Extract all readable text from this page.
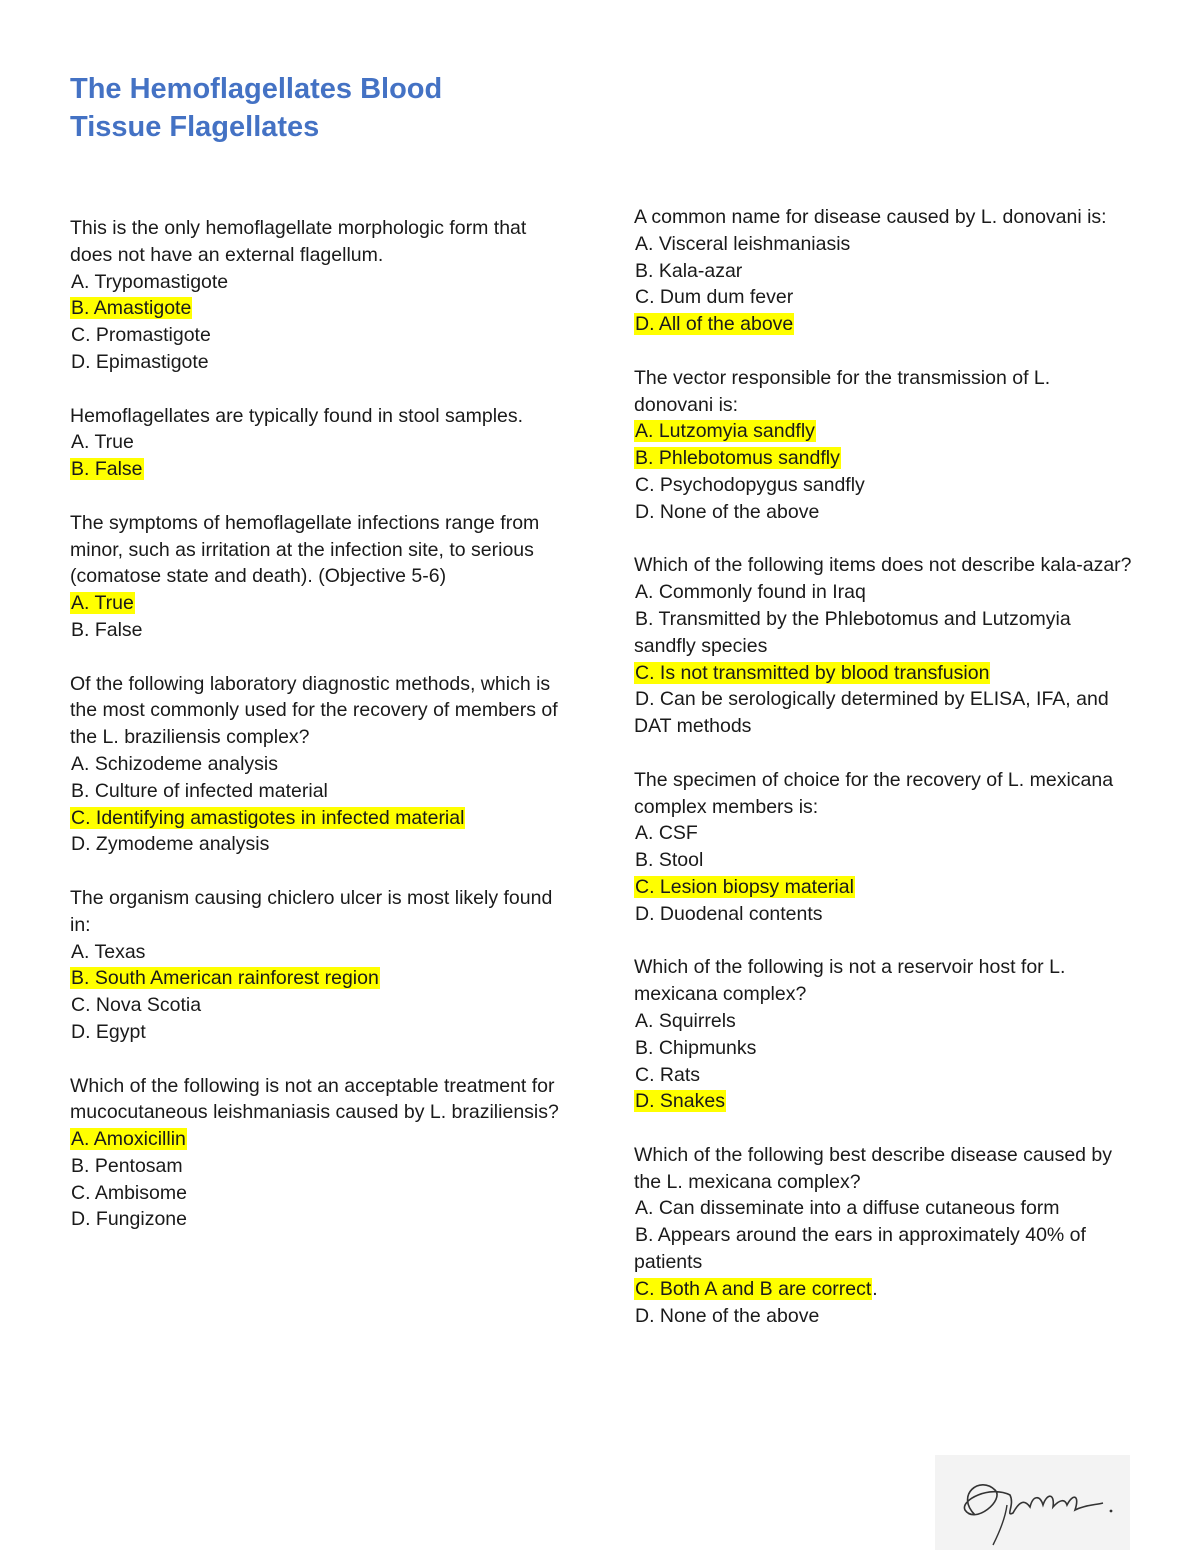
The Hemoflagellates Blood
Tissue Flagellates

This is the only hemoflagellate morphologic form that does not have an external flagellum.

A. Trypomastigote

B. Amastigote

C. Promastigote

D. Epimastigote

Hemoflagellates are typically found in stool samples.

A. True

B. False

The symptoms of hemoflagellate infections range from minor, such as irritation at the infection site, to serious (comatose state and death). (Objective 5-6)

A. True

B. False

Of the following laboratory diagnostic methods, which is the most commonly used for the recovery of members of the L. braziliensis complex?

A. Schizodeme analysis

B. Culture of infected material

C. Identifying amastigotes in infected material

D. Zymodeme analysis

The organism causing chiclero ulcer is most likely found in:

A. Texas

B. South American rainforest region

C. Nova Scotia

D. Egypt

Which of the following is not an acceptable treatment for mucocutaneous leishmaniasis caused by L. braziliensis?

A. Amoxicillin

B. Pentosam

C. Ambisome

D. Fungizone

A common name for disease caused by L. donovani is:

A. Visceral leishmaniasis

B. Kala-azar

C. Dum dum fever

D. All of the above

The vector responsible for the transmission of L. donovani is:

A. Lutzomyia sandfly

B. Phlebotomus sandfly

C. Psychodopygus sandfly

D. None of the above

Which of the following items does not describe kala-azar?

A. Commonly found in Iraq

B. Transmitted by the Phlebotomus and Lutzomyia sandfly species

C. Is not transmitted by blood transfusion

D. Can be serologically determined by ELISA, IFA, and DAT methods

The specimen of choice for the recovery of L. mexicana complex members is:

A. CSF

B. Stool

C. Lesion biopsy material

D. Duodenal contents

Which of the following is not a reservoir host for L. mexicana complex?

A. Squirrels

B. Chipmunks

C. Rats

D. Snakes

Which of the following best describe disease caused by the L. mexicana complex?

A. Can disseminate into a diffuse cutaneous form

B. Appears around the ears in approximately 40% of patients

C. Both A and B are correct.

D. None of the above
